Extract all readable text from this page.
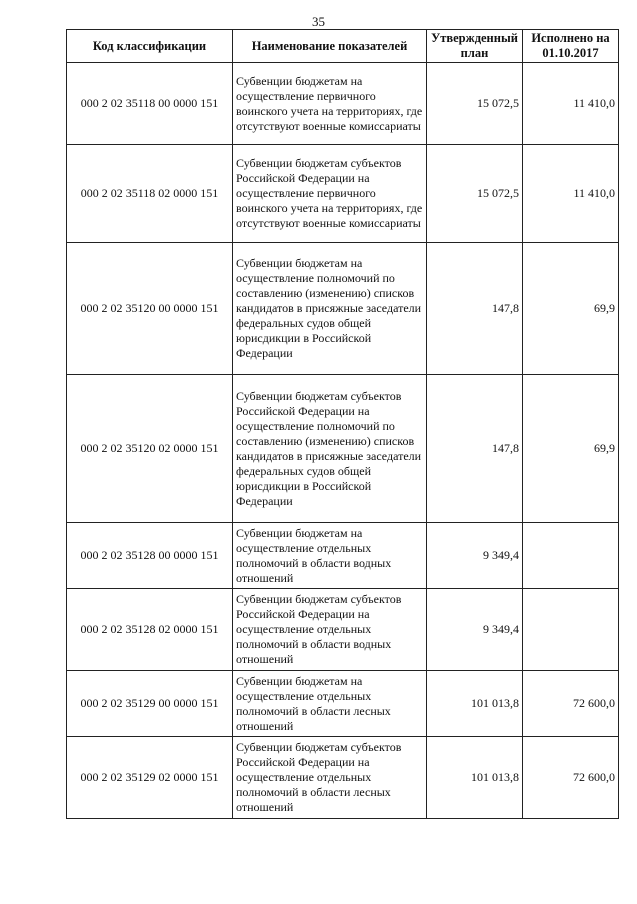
35
Код классификации	Наименование показателей	Утвержденный план	Исполнено на 01.10.2017
000 2 02 35118 00 0000 151	Субвенции бюджетам на осуществление первичного воинского учета на территориях, где отсутствуют военные комиссариаты	15 072,5	11 410,0
000 2 02 35118 02 0000 151	Субвенции бюджетам субъектов Российской Федерации на осуществление первичного воинского учета на территориях, где отсутствуют военные комиссариаты	15 072,5	11 410,0
000 2 02 35120 00 0000 151	Субвенции бюджетам на осуществление полномочий по составлению (изменению) списков кандидатов в присяжные заседатели федеральных судов общей юрисдикции в Российской Федерации	147,8	69,9
000 2 02 35120 02 0000 151	Субвенции бюджетам субъектов Российской Федерации на осуществление полномочий по составлению (изменению) списков кандидатов в присяжные заседатели федеральных судов общей юрисдикции в Российской Федерации	147,8	69,9
000 2 02 35128 00 0000 151	Субвенции бюджетам на осуществление отдельных полномочий в области водных отношений	9 349,4	
000 2 02 35128 02 0000 151	Субвенции бюджетам субъектов Российской Федерации на осуществление отдельных полномочий в области водных отношений	9 349,4	
000 2 02 35129 00 0000 151	Субвенции бюджетам на осуществление отдельных полномочий в области лесных отношений	101 013,8	72 600,0
000 2 02 35129 02 0000 151	Субвенции бюджетам субъектов Российской Федерации на осуществление отдельных полномочий в области лесных отношений	101 013,8	72 600,0
